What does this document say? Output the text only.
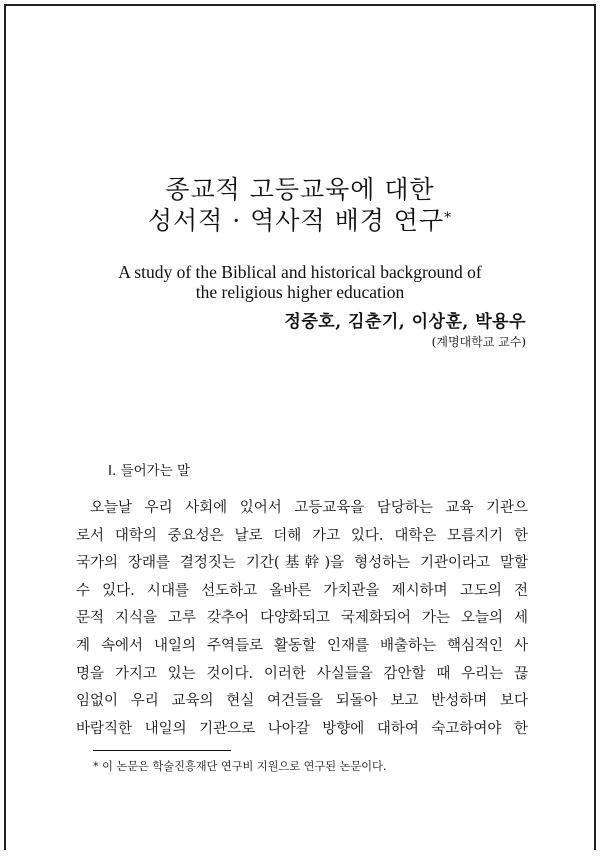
종교적 고등교육에 대한
성서적 · 역사적 배경 연구*
A study of the Biblical and historical background of
the religious higher education
정중호, 김춘기, 이상훈, 박용우
(계명대학교 교수)
Ⅰ. 들어가는 말
오늘날 우리 사회에 있어서 고등교육을 담당하는 교육 기관으
로서 대학의 중요성은 날로 더해 가고 있다. 대학은 모름지기 한
국가의 장래를 결정짓는 기간(基幹)을 형성하는 기관이라고 말할
수 있다. 시대를 선도하고 올바른 가치관을 제시하며 고도의 전
문적 지식을 고루 갖추어 다양화되고 국제화되어 가는 오늘의 세
계 속에서 내일의 주역들로 활동할 인재를 배출하는 핵심적인 사
명을 가지고 있는 것이다. 이러한 사실들을 감안할 때 우리는 끊
임없이 우리 교육의 현실 여건들을 되돌아 보고 반성하며 보다
바람직한 내일의 기관으로 나아갈 방향에 대하여 숙고하여야 한
* 이 논문은 학술진흥재단 연구비 지원으로 연구된 논문이다.
